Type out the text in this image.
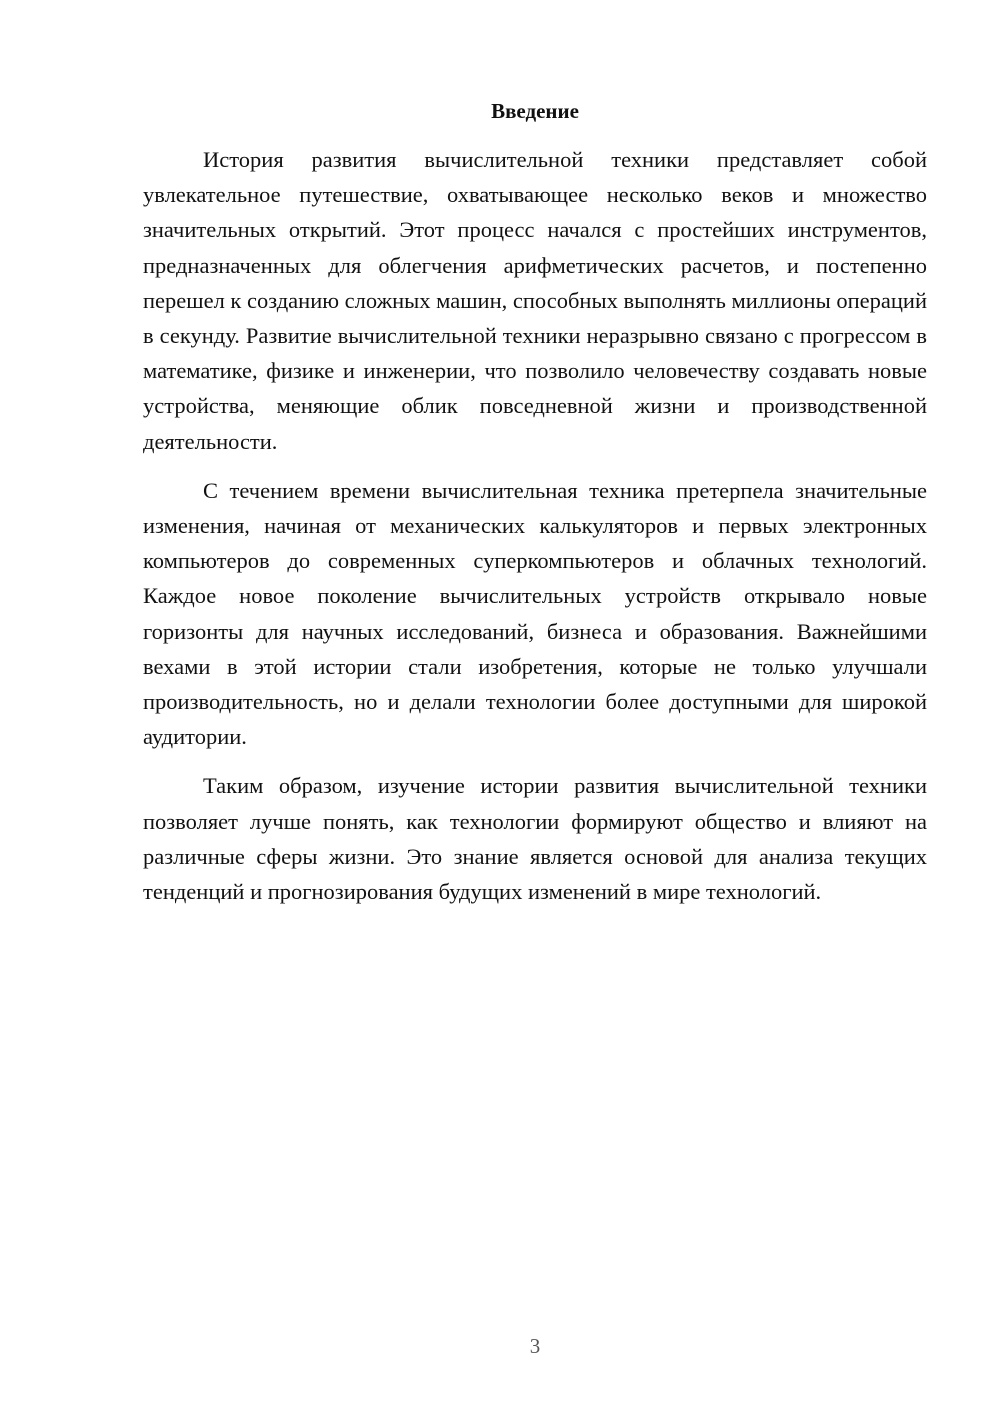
Введение

История развития вычислительной техники представляет собой увлекательное путешествие, охватывающее несколько веков и множество значительных открытий. Этот процесс начался с простейших инструментов, предназначенных для облегчения арифметических расчетов, и постепенно перешел к созданию сложных машин, способных выполнять миллионы операций в секунду. Развитие вычислительной техники неразрывно связано с прогрессом в математике, физике и инженерии, что позволило человечеству создавать новые устройства, меняющие облик повседневной жизни и производственной деятельности.

С течением времени вычислительная техника претерпела значительные изменения, начиная от механических калькуляторов и первых электронных компьютеров до современных суперкомпьютеров и облачных технологий. Каждое новое поколение вычислительных устройств открывало новые горизонты для научных исследований, бизнеса и образования. Важнейшими вехами в этой истории стали изобретения, которые не только улучшали производительность, но и делали технологии более доступными для широкой аудитории.

Таким образом, изучение истории развития вычислительной техники позволяет лучше понять, как технологии формируют общество и влияют на различные сферы жизни. Это знание является основой для анализа текущих тенденций и прогнозирования будущих изменений в мире технологий.

3
